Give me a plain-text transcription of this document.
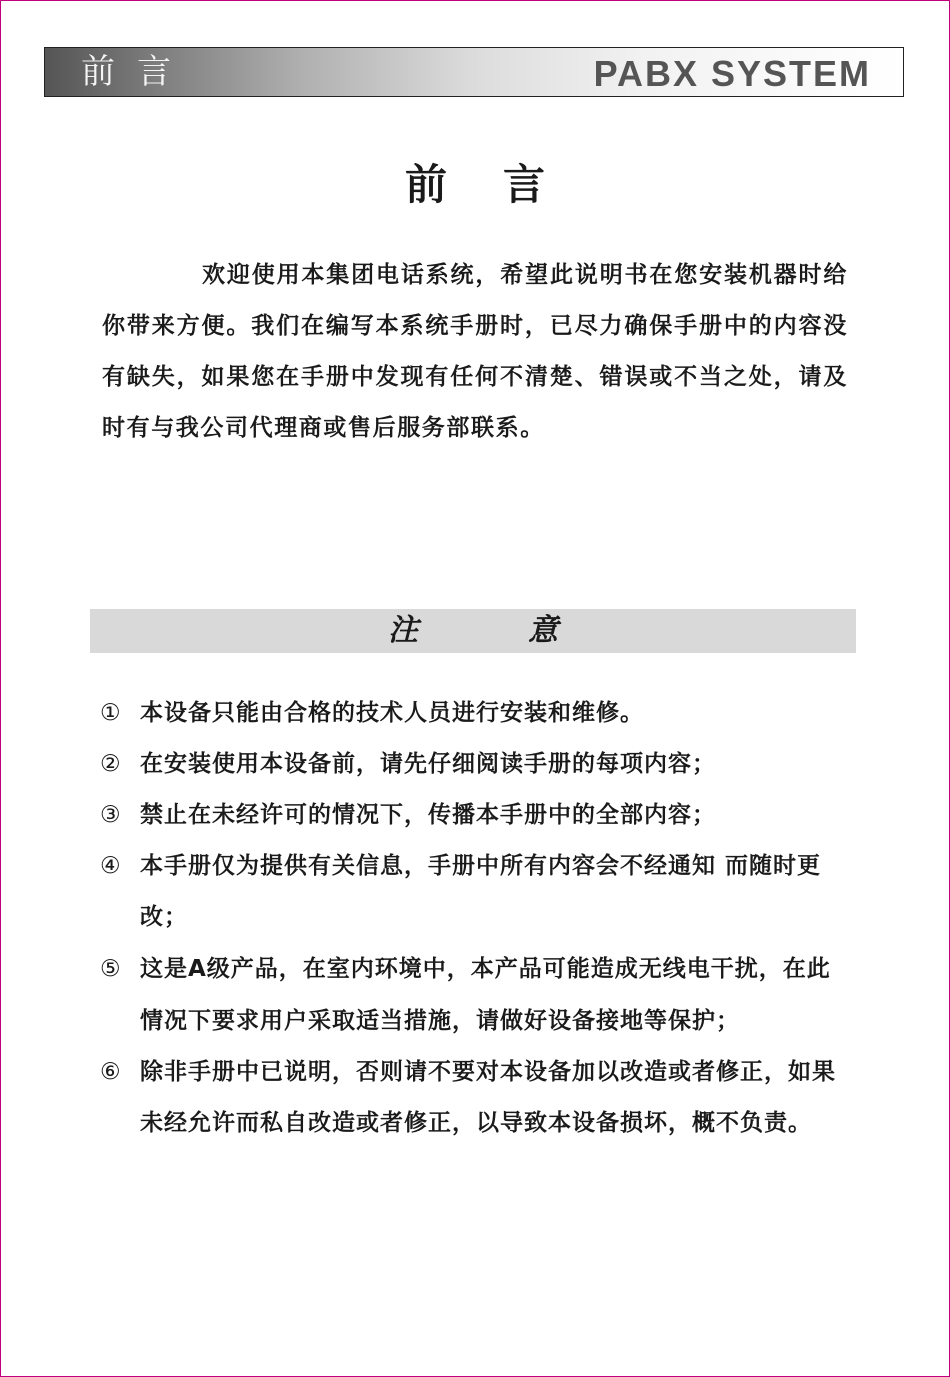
前言	PABX SYSTEM
前言
欢迎使用本集团电话系统，希望此说明书在您安装机器时给你带来方便。我们在编写本系统手册时，已尽力确保手册中的内容没有缺失，如果您在手册中发现有任何不清楚、错误或不当之处，请及时有与我公司代理商或售后服务部联系。
注意
① 本设备只能由合格的技术人员进行安装和维修。
② 在安装使用本设备前，请先仔细阅读手册的每项内容；
③ 禁止在未经许可的情况下，传播本手册中的全部内容；
④ 本手册仅为提供有关信息，手册中所有内容会不经通知 而随时更改；
⑤ 这是A级产品，在室内环境中，本产品可能造成无线电干扰，在此情况下要求用户采取适当措施，请做好设备接地等保护；
⑥ 除非手册中已说明，否则请不要对本设备加以改造或者修正，如果未经允许而私自改造或者修正，以导致本设备损坏，概不负责。
